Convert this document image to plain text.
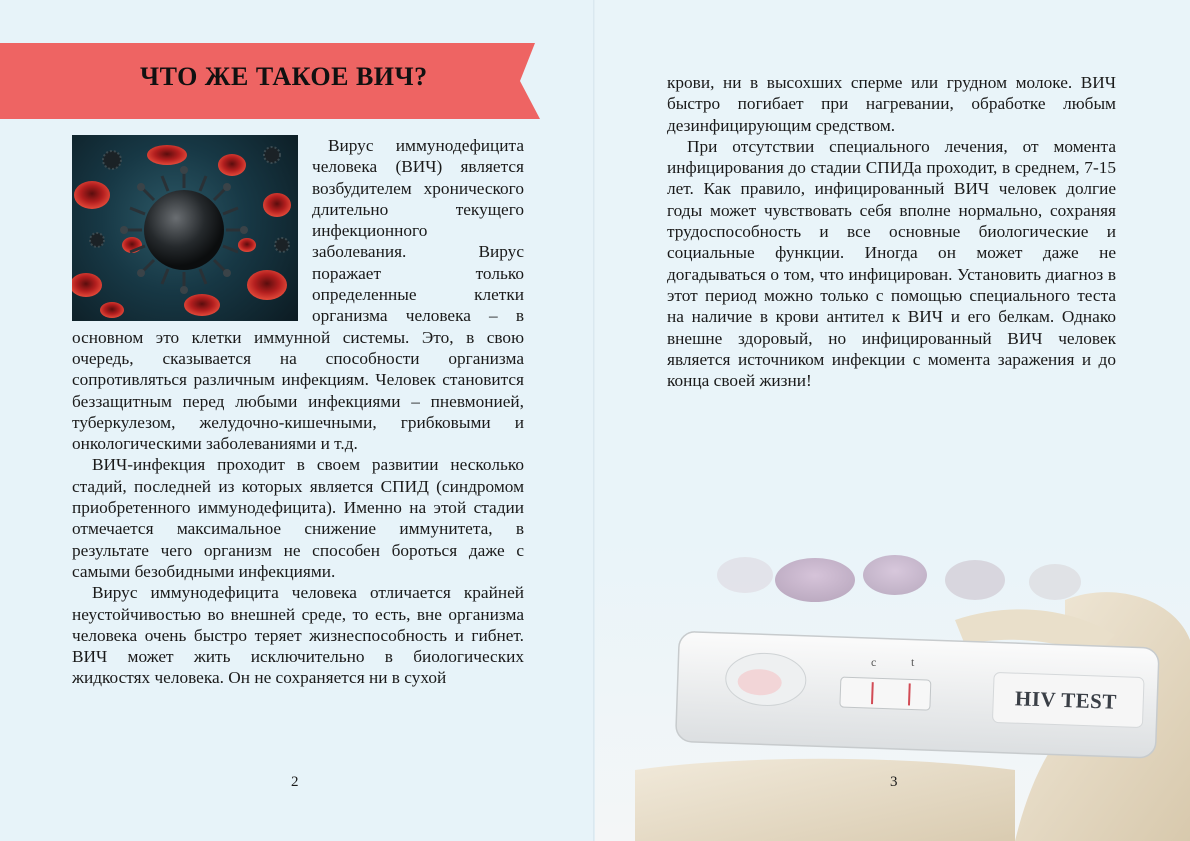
ЧТО ЖЕ ТАКОЕ ВИЧ?

Вирус иммунодефицита человека (ВИЧ) является возбудителем хронического длительно текущего инфекционного заболевания. Вирус поражает только определенные клетки организма человека – в основном это клетки иммунной системы. Это, в свою очередь, сказывается на способности организма сопротивляться различным инфекциям. Человек становится беззащитным перед любыми инфекциями – пневмонией, туберкулезом, желудочно-кишечными, грибковыми и онкологическими заболеваниями и т.д.

ВИЧ-инфекция проходит в своем развитии несколько стадий, последней из которых является СПИД (синдромом приобретенного иммунодефицита). Именно на этой стадии отмечается максимальное снижение иммунитета, в результате чего организм не способен бороться даже с самыми безобидными инфекциями.

Вирус иммунодефицита человека отличается крайней неустойчивостью во внешней среде, то есть, вне организма человека очень быстро теряет жизнеспособность и гибнет. ВИЧ может жить исключительно в биологических жидкостях человека. Он не сохраняется ни в сухой

2

крови, ни в высохших сперме или грудном молоке. ВИЧ быстро погибает при нагревании, обработке любым дезинфицирующим средством.

При отсутствии специального лечения, от момента инфицирования до стадии СПИДа проходит, в среднем, 7-15 лет. Как правило, инфицированный ВИЧ человек долгие годы может чувствовать себя вполне нормально, сохраняя трудоспособность и все основные биологические и социальные функции. Иногда он может даже не догадываться о том, что инфицирован. Установить диагноз в этот период можно только с помощью специального теста на наличие в крови антител к ВИЧ и его белкам. Однако внешне здоровый, но инфицированный ВИЧ человек является источником инфекции с момента заражения и до конца своей жизни!

c	t
HIV TEST
3
